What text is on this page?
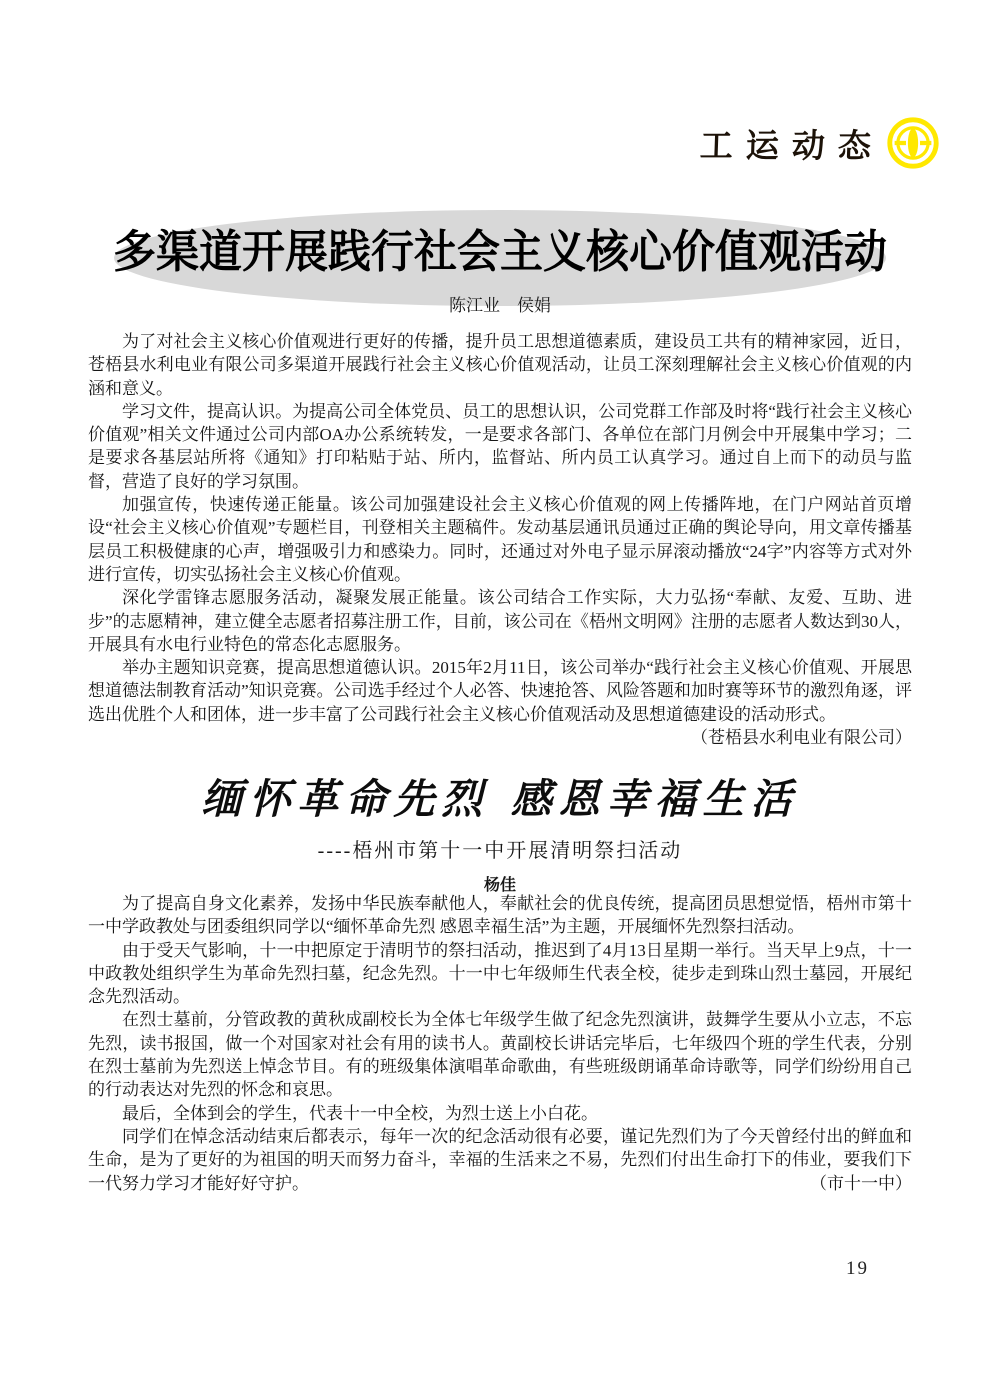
工运动态
多渠道开展践行社会主义核心价值观活动

陈江业　侯娟

为了对社会主义核心价值观进行更好的传播，提升员工思想道德素质，建设员工共有的精神家园，近日，苍梧县水利电业有限公司多渠道开展践行社会主义核心价值观活动，让员工深刻理解社会主义核心价值观的内涵和意义。

学习文件，提高认识。为提高公司全体党员、员工的思想认识，公司党群工作部及时将“践行社会主义核心价值观”相关文件通过公司内部OA办公系统转发，一是要求各部门、各单位在部门月例会中开展集中学习；二是要求各基层站所将《通知》打印粘贴于站、所内，监督站、所内员工认真学习。通过自上而下的动员与监督，营造了良好的学习氛围。

加强宣传，快速传递正能量。该公司加强建设社会主义核心价值观的网上传播阵地，在门户网站首页增设“社会主义核心价值观”专题栏目，刊登相关主题稿件。发动基层通讯员通过正确的舆论导向，用文章传播基层员工积极健康的心声，增强吸引力和感染力。同时，还通过对外电子显示屏滚动播放“24字”内容等方式对外进行宣传，切实弘扬社会主义核心价值观。

深化学雷锋志愿服务活动，凝聚发展正能量。该公司结合工作实际，大力弘扬“奉献、友爱、互助、进步”的志愿精神，建立健全志愿者招募注册工作，目前，该公司在《梧州文明网》注册的志愿者人数达到30人，开展具有水电行业特色的常态化志愿服务。

举办主题知识竞赛，提高思想道德认识。2015年2月11日，该公司举办“践行社会主义核心价值观、开展思想道德法制教育活动”知识竞赛。公司选手经过个人必答、快速抢答、风险答题和加时赛等环节的激烈角逐，评选出优胜个人和团体，进一步丰富了公司践行社会主义核心价值观活动及思想道德建设的活动形式。
（苍梧县水利电业有限公司）

缅怀革命先烈 感恩幸福生活

----梧州市第十一中开展清明祭扫活动

杨佳

为了提高自身文化素养，发扬中华民族奉献他人，奉献社会的优良传统，提高团员思想觉悟，梧州市第十一中学政教处与团委组织同学以“缅怀革命先烈 感恩幸福生活”为主题，开展缅怀先烈祭扫活动。

由于受天气影响，十一中把原定于清明节的祭扫活动，推迟到了4月13日星期一举行。当天早上9点，十一中政教处组织学生为革命先烈扫墓，纪念先烈。十一中七年级师生代表全校，徒步走到珠山烈士墓园，开展纪念先烈活动。

在烈士墓前，分管政教的黄秋成副校长为全体七年级学生做了纪念先烈演讲，鼓舞学生要从小立志，不忘先烈，读书报国，做一个对国家对社会有用的读书人。黄副校长讲话完毕后，七年级四个班的学生代表，分别在烈士墓前为先烈送上悼念节目。有的班级集体演唱革命歌曲，有些班级朗诵革命诗歌等，同学们纷纷用自己的行动表达对先烈的怀念和哀思。

最后，全体到会的学生，代表十一中全校，为烈士送上小白花。

同学们在悼念活动结束后都表示，每年一次的纪念活动很有必要，谨记先烈们为了今天曾经付出的鲜血和生命，是为了更好的为祖国的明天而努力奋斗，幸福的生活来之不易，先烈们付出生命打下的伟业，要我们下一代努力学习才能好好守护。	（市十一中）

19
